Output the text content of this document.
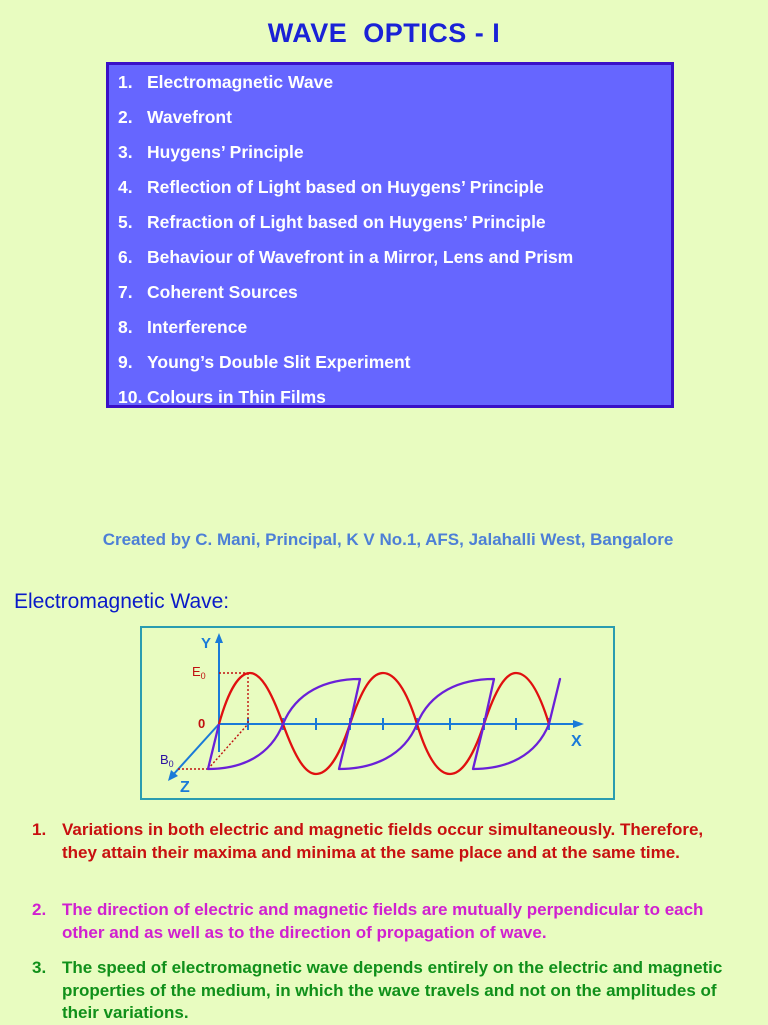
WAVE  OPTICS - I
1. Electromagnetic Wave
2. Wavefront
3. Huygens’ Principle
4. Reflection of Light based on Huygens’ Principle
5. Refraction of Light based on Huygens’ Principle
6. Behaviour of Wavefront in a Mirror, Lens and Prism
7. Coherent Sources
8. Interference
9. Young’s Double Slit Experiment
10. Colours in Thin Films
Created by C. Mani, Principal, K V No.1, AFS, Jalahalli West, Bangalore
Electromagnetic Wave:
Y
X
Z
0
$E_0$
$B_0$
1. Variations in both electric and magnetic fields occur simultaneously. Therefore, they attain their maxima and minima at the same place and at the same time.
2. The direction of electric and magnetic fields are mutually perpendicular to each other and as well as to the direction of propagation of wave.
3. The speed of electromagnetic wave depends entirely on the electric and magnetic properties of the medium, in which the wave travels and not on the amplitudes of their variations.
